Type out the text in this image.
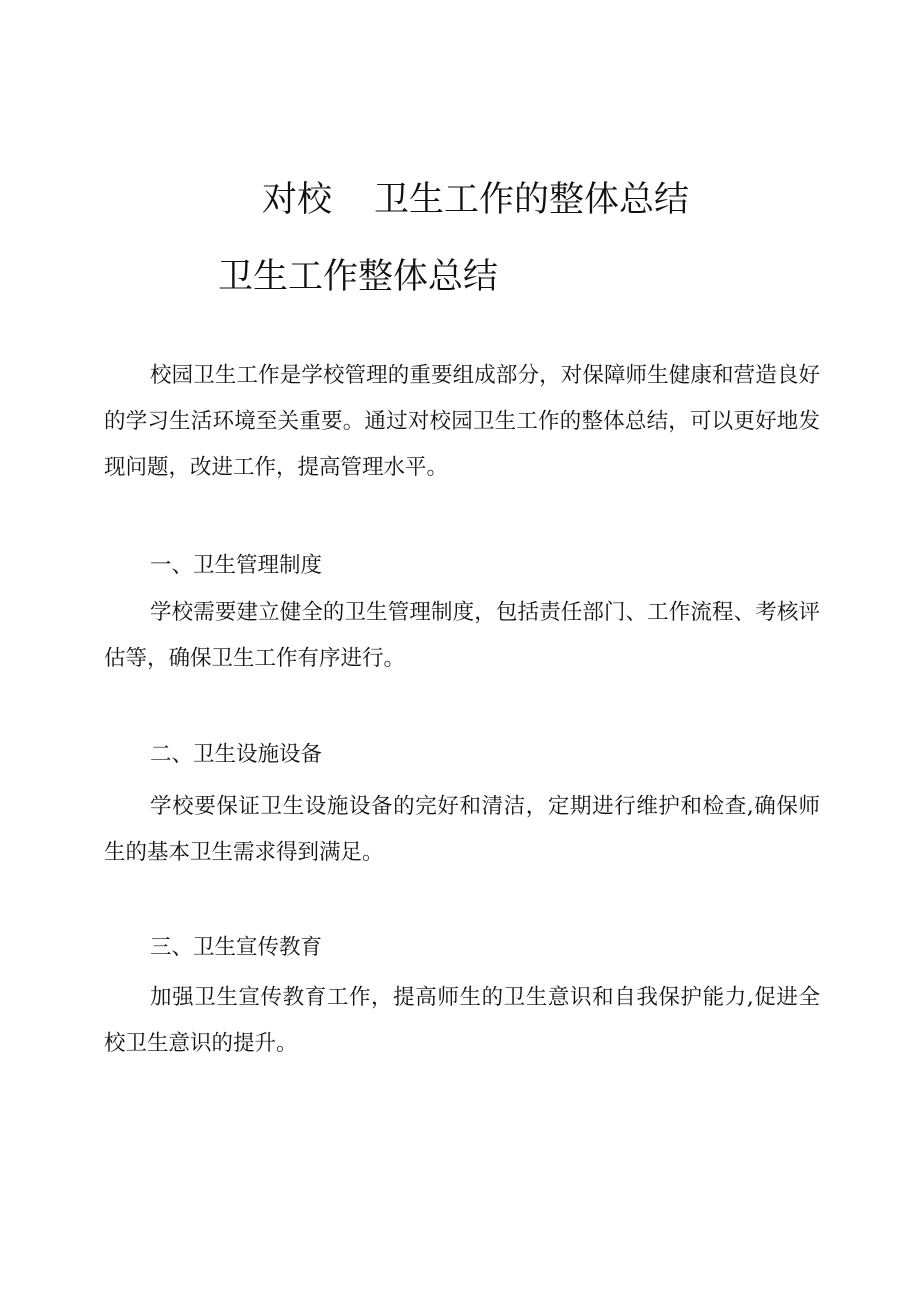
对校 卫生工作的整体总结
卫生工作整体总结

校园卫生工作是学校管理的重要组成部分，对保障师生健康和营造良好的学习生活环境至关重要。通过对校园卫生工作的整体总结，可以更好地发现问题，改进工作，提高管理水平。

一、卫生管理制度

学校需要建立健全的卫生管理制度，包括责任部门、工作流程、考核评估等，确保卫生工作有序进行。

二、卫生设施设备

学校要保证卫生设施设备的完好和清洁，定期进行维护和检查,确保师生的基本卫生需求得到满足。

三、卫生宣传教育

加强卫生宣传教育工作，提高师生的卫生意识和自我保护能力,促进全校卫生意识的提升。
